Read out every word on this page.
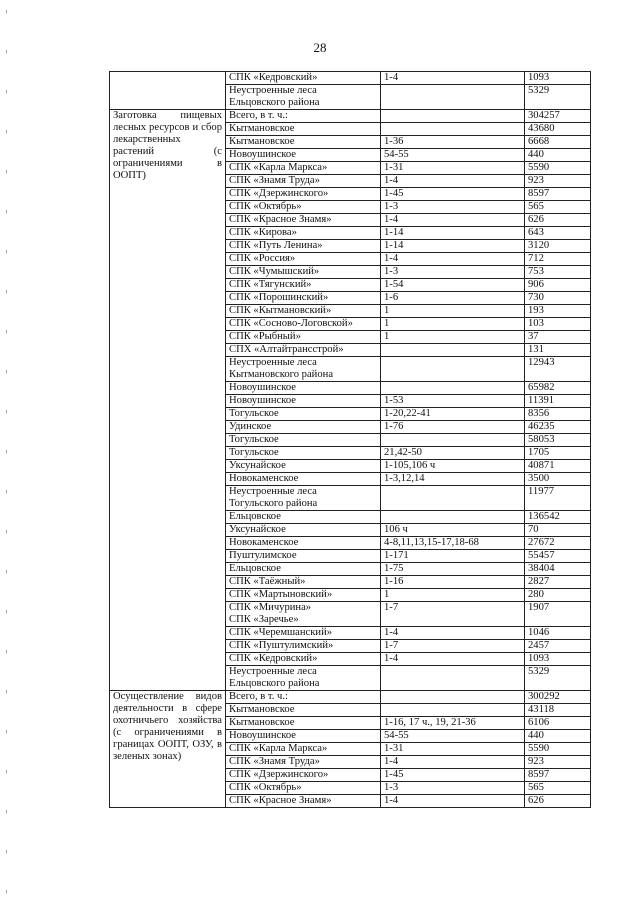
28
	СПК «Кедровский»	1-4	1093
	Неустроенные леса
Ельцовского района		5329
Заготовка пищевых лесных ресурсов и сбор лекарственных растений (с ограничениями в ООПТ)	Всего, в т. ч.:		304257
	Кытмановское		43680
	Кытмановское	1-36	6668
	Новоушинское	54-55	440
	СПК «Карла Маркса»	1-31	5590
	СПК «Знамя Труда»	1-4	923
	СПК «Дзержинского»	1-45	8597
	СПК «Октябрь»	1-3	565
	СПК «Красное Знамя»	1-4	626
	СПК «Кирова»	1-14	643
	СПК «Путь Ленина»	1-14	3120
	СПК «Россия»	1-4	712
	СПК «Чумышский»	1-3	753
	СПК «Тягунский»	1-54	906
	СПК «Порошинский»	1-6	730
	СПК «Кытмановский»	1	193
	СПК «Сосново-Логовской»	1	103
	СПК «Рыбный»	1	37
	СПХ «Алтайтрансстрой»		131
	Неустроенные леса
Кытмановского района		12943
	Новоушинское		65982
	Новоушинское	1-53	11391
	Тогульское	1-20,22-41	8356
	Удинское	1-76	46235
	Тогульское		58053
	Тогульское	21,42-50	1705
	Уксунайское	1-105,106 ч	40871
	Новокаменское	1-3,12,14	3500
	Неустроенные леса
Тогульского района		11977
	Ельцовское		136542
	Уксунайское	106 ч	70
	Новокаменское	4-8,11,13,15-17,18-68	27672
	Пуштулимское	1-171	55457
	Ельцовское	1-75	38404
	СПК «Таёжный»	1-16	2827
	СПК «Мартыновский»	1	280
	СПК «Мичурина»
СПК «Заречье»	1-7	1907
	СПК «Черемшанский»	1-4	1046
	СПК «Пуштулимский»	1-7	2457
	СПК «Кедровский»	1-4	1093
	Неустроенные леса
Ельцовского района		5329
Осуществление видов деятельности в сфере охотничьего хозяйства (с ограничениями в границах ООПТ, ОЗУ, в зеленых зонах)	Всего, в т. ч.:		300292
	Кытмановское		43118
	Кытмановское	1-16, 17 ч., 19, 21-36	6106
	Новоушинское	54-55	440
	СПК «Карла Маркса»	1-31	5590
	СПК «Знамя Труда»	1-4	923
	СПК «Дзержинского»	1-45	8597
	СПК «Октябрь»	1-3	565
	СПК «Красное Знамя»	1-4	626
